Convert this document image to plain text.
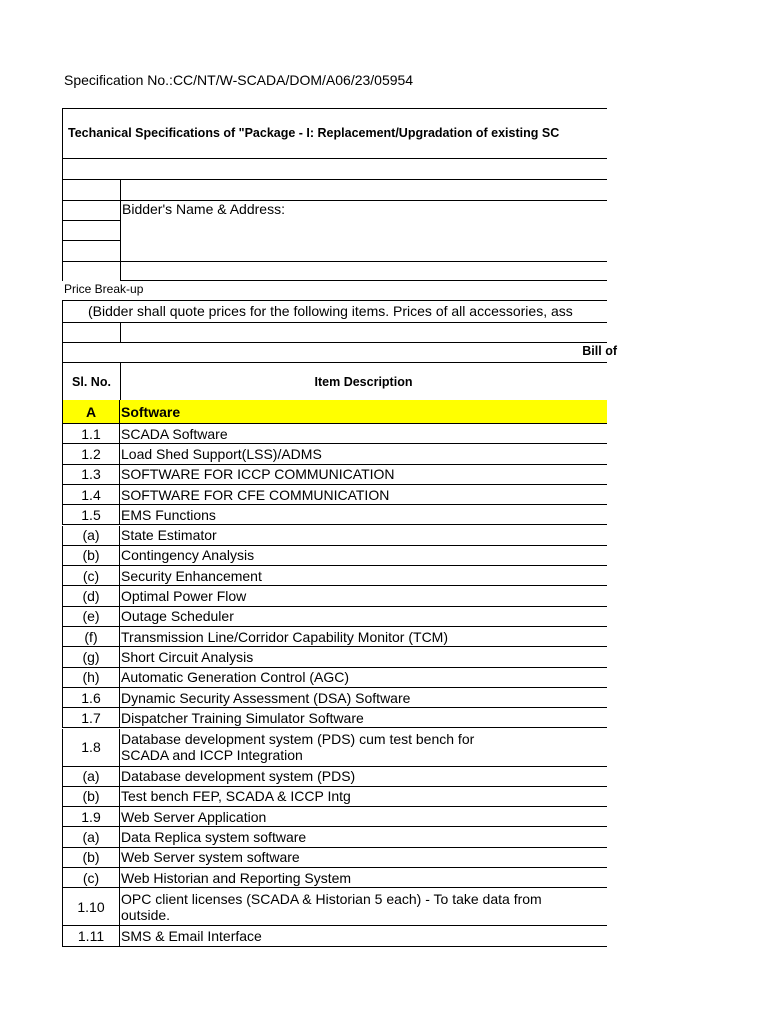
Specification No.:CC/NT/W-SCADA/DOM/A06/23/05954
Techanical Specifications of "Package - I: Replacement/Upgradation of existing SC
Bidder's Name & Address:
Price Break-up
(Bidder shall quote prices for the following items. Prices of all accessories, ass
Bill of
Sl. No.	Item Description
A	Software
1.1	SCADA Software
1.2	Load Shed Support(LSS)/ADMS
1.3	SOFTWARE FOR ICCP COMMUNICATION
1.4	SOFTWARE FOR CFE COMMUNICATION
1.5	EMS Functions
(a)	State Estimator
(b)	Contingency Analysis
(c)	Security Enhancement
(d)	Optimal Power Flow
(e)	Outage Scheduler
(f)	Transmission Line/Corridor Capability Monitor (TCM)
(g)	Short Circuit Analysis
(h)	Automatic Generation Control (AGC)
1.6	Dynamic Security Assessment (DSA) Software
1.7	Dispatcher Training Simulator Software
1.8	Database development system (PDS) cum test bench for
SCADA and ICCP Integration
(a)	Database development system (PDS)
(b)	Test bench FEP, SCADA & ICCP Intg
1.9	Web Server Application
(a)	Data Replica system software
(b)	Web Server system software
(c)	Web Historian and Reporting System
1.10	OPC client licenses (SCADA & Historian 5 each) - To take data from
outside.
1.11	SMS & Email Interface
